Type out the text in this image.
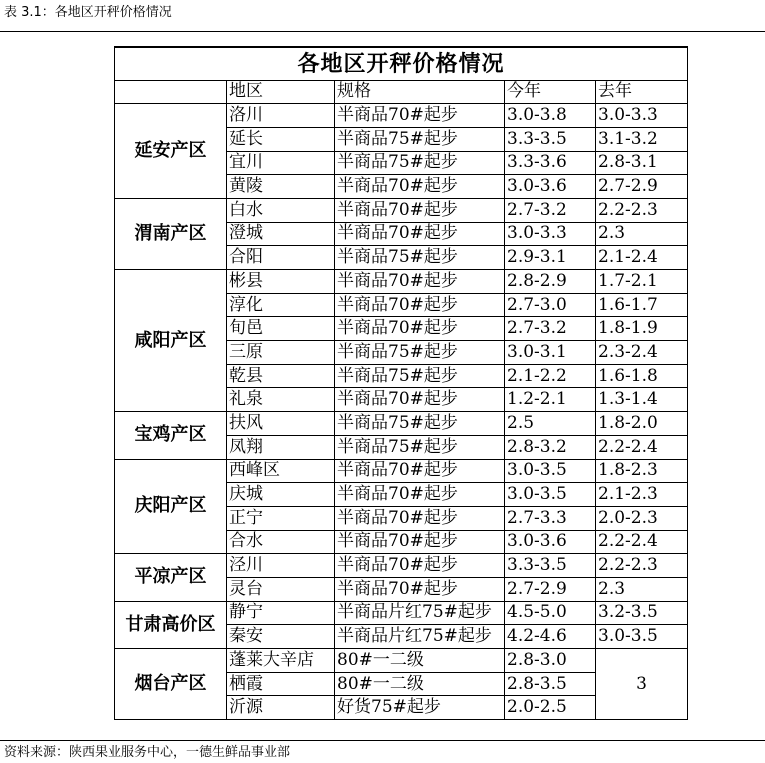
表 3.1：各地区开秤价格情况
各地区开秤价格情况				
	地区	规格	今年	去年
延安产区	洛川	半商品70#起步	3.0-3.8	3.0-3.3
	延长	半商品75#起步	3.3-3.5	3.1-3.2
	宜川	半商品75#起步	3.3-3.6	2.8-3.1
	黄陵	半商品70#起步	3.0-3.6	2.7-2.9
渭南产区	白水	半商品70#起步	2.7-3.2	2.2-2.3
	澄城	半商品70#起步	3.0-3.3	2.3
	合阳	半商品75#起步	2.9-3.1	2.1-2.4
咸阳产区	彬县	半商品70#起步	2.8-2.9	1.7-2.1
	淳化	半商品70#起步	2.7-3.0	1.6-1.7
	旬邑	半商品70#起步	2.7-3.2	1.8-1.9
	三原	半商品75#起步	3.0-3.1	2.3-2.4
	乾县	半商品75#起步	2.1-2.2	1.6-1.8
	礼泉	半商品70#起步	1.2-2.1	1.3-1.4
宝鸡产区	扶风	半商品75#起步	2.5	1.8-2.0
	凤翔	半商品75#起步	2.8-3.2	2.2-2.4
庆阳产区	西峰区	半商品70#起步	3.0-3.5	1.8-2.3
	庆城	半商品70#起步	3.0-3.5	2.1-2.3
	正宁	半商品70#起步	2.7-3.3	2.0-2.3
	合水	半商品70#起步	3.0-3.6	2.2-2.4
平凉产区	泾川	半商品70#起步	3.3-3.5	2.2-2.3
	灵台	半商品70#起步	2.7-2.9	2.3
甘肃高价区	静宁	半商品片红75#起步	4.5-5.0	3.2-3.5
	秦安	半商品片红75#起步	4.2-4.6	3.0-3.5
烟台产区	蓬莱大辛店	80#一二级	2.8-3.0	3
	栖霞	80#一二级	2.8-3.5	
	沂源	好货75#起步	2.0-2.5	
资料来源：陕西果业服务中心，一德生鲜品事业部
